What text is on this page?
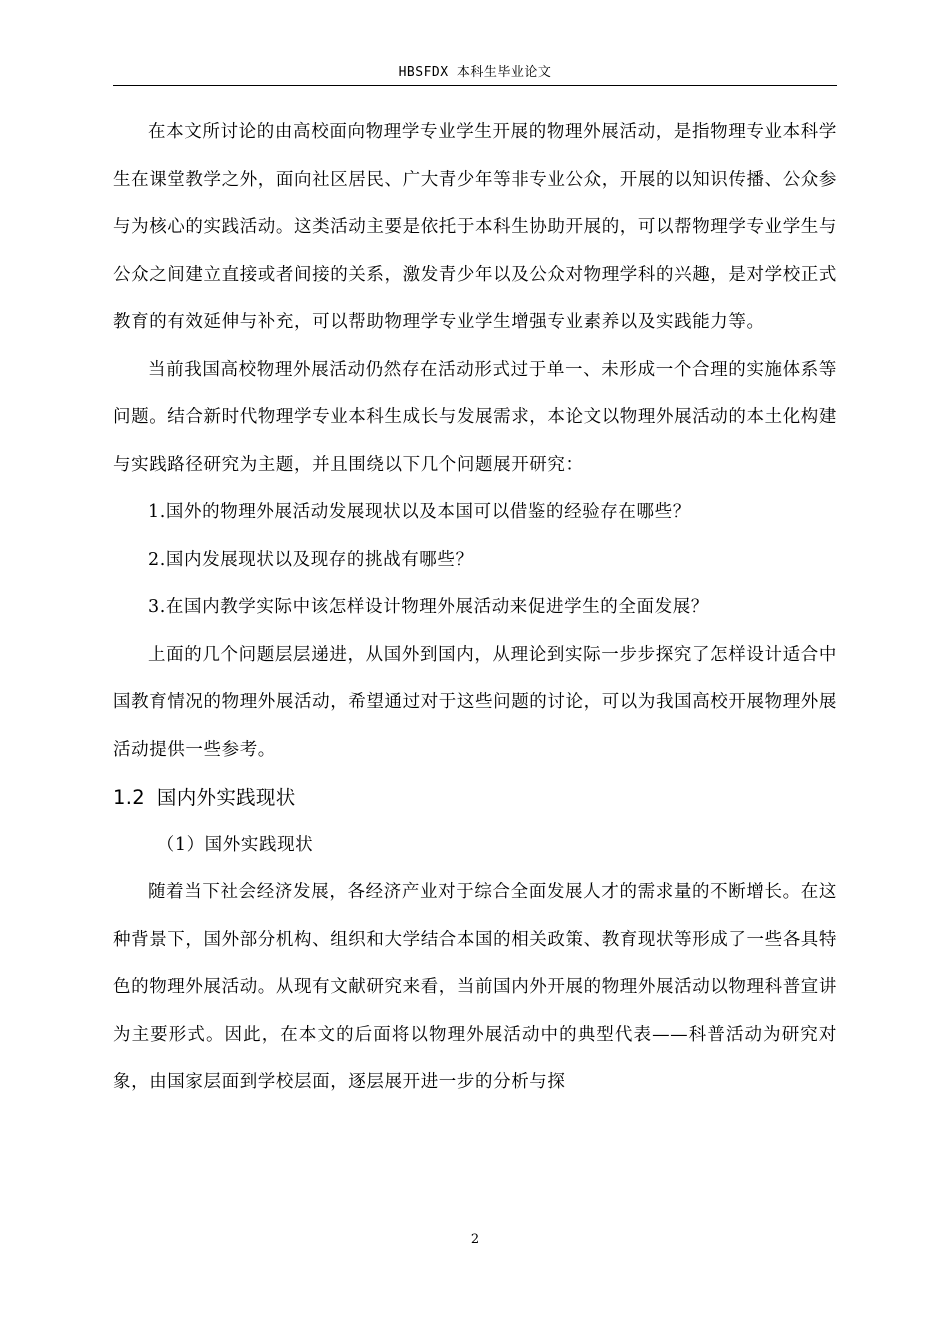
HBSFDX 本科生毕业论文

在本文所讨论的由高校面向物理学专业学生开展的物理外展活动，是指物理专业本科学生在课堂教学之外，面向社区居民、广大青少年等非专业公众，开展的以知识传播、公众参与为核心的实践活动。这类活动主要是依托于本科生协助开展的，可以帮物理学专业学生与公众之间建立直接或者间接的关系，激发青少年以及公众对物理学科的兴趣，是对学校正式教育的有效延伸与补充，可以帮助物理学专业学生增强专业素养以及实践能力等。

当前我国高校物理外展活动仍然存在活动形式过于单一、未形成一个合理的实施体系等问题。结合新时代物理学专业本科生成长与发展需求，本论文以物理外展活动的本土化构建与实践路径研究为主题，并且围绕以下几个问题展开研究：

1.国外的物理外展活动发展现状以及本国可以借鉴的经验存在哪些？

2.国内发展现状以及现存的挑战有哪些？

3.在国内教学实际中该怎样设计物理外展活动来促进学生的全面发展？

上面的几个问题层层递进，从国外到国内，从理论到实际一步步探究了怎样设计适合中国教育情况的物理外展活动，希望通过对于这些问题的讨论，可以为我国高校开展物理外展活动提供一些参考。

1.2 国内外实践现状

（1）国外实践现状

随着当下社会经济发展，各经济产业对于综合全面发展人才的需求量的不断增长。在这种背景下，国外部分机构、组织和大学结合本国的相关政策、教育现状等形成了一些各具特色的物理外展活动。从现有文献研究来看，当前国内外开展的物理外展活动以物理科普宣讲为主要形式。因此，在本文的后面将以物理外展活动中的典型代表——科普活动为研究对象，由国家层面到学校层面，逐层展开进一步的分析与探

2
